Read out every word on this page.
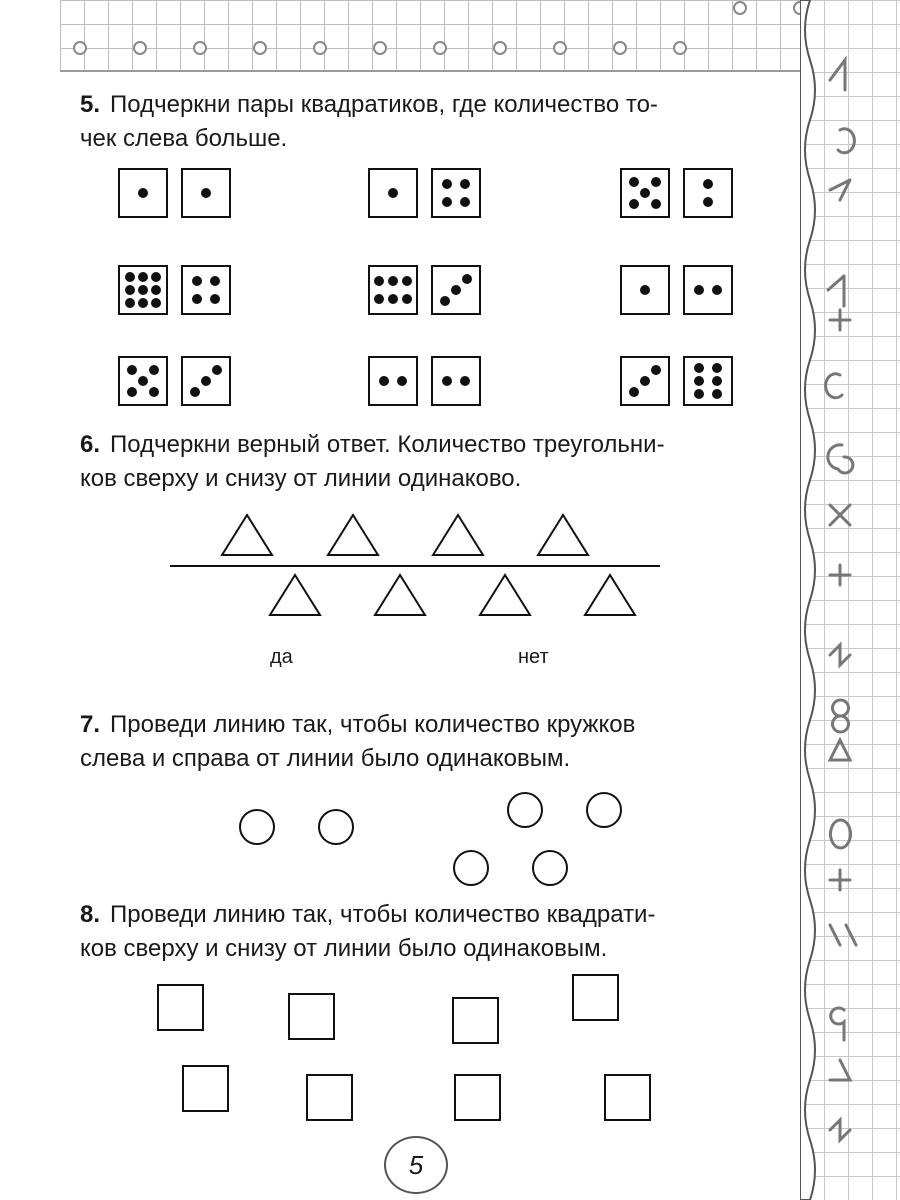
5. Подчеркни пары квадратиков, где количество то-
чек слева больше.
6. Подчеркни верный ответ. Количество треугольни-
ков сверху и снизу от линии одинаково.
да	нет
7. Проведи линию так, чтобы количество кружков
слева и справа от линии было одинаковым.
8. Проведи линию так, чтобы количество квадрати-
ков сверху и снизу от линии было одинаковым.
5
